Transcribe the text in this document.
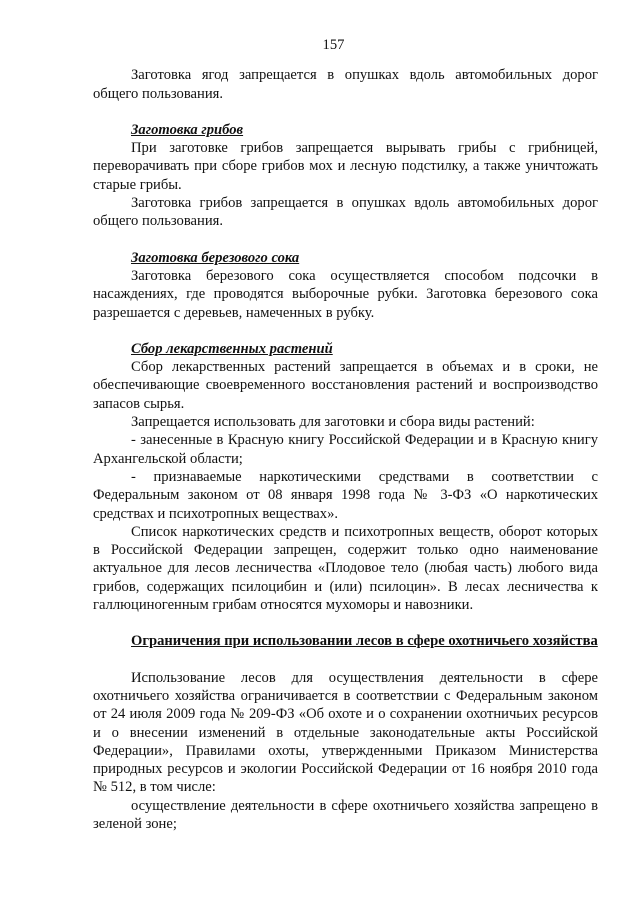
157

Заготовка ягод запрещается в опушках вдоль автомобильных дорог общего пользования.

Заготовка грибов

При заготовке грибов запрещается вырывать грибы с грибницей, переворачивать при сборе грибов мох и лесную подстилку, а также уничтожать старые грибы.

Заготовка грибов запрещается в опушках вдоль автомобильных дорог общего пользования.

Заготовка березового сока

Заготовка березового сока осуществляется способом подсочки в насаждениях, где проводятся выборочные рубки. Заготовка березового сока разрешается с деревьев, намеченных в рубку.

Сбор лекарственных растений

Сбор лекарственных растений запрещается в объемах и в сроки, не обеспечивающие своевременного восстановления растений и воспроизводство запасов сырья.

Запрещается использовать для заготовки и сбора виды растений:

- занесенные в Красную книгу Российской Федерации и в Красную книгу Архангельской области;

- признаваемые наркотическими средствами в соответствии с Федеральным законом от 08 января 1998 года № 3-ФЗ «О наркотических средствах и психотропных веществах».

Список наркотических средств и психотропных веществ, оборот которых в Российской Федерации запрещен, содержит только одно наименование актуальное для лесов лесничества «Плодовое тело (любая часть) любого вида грибов, содержащих псилоцибин и (или) псилоцин». В лесах лесничества к галлюциногенным грибам относятся мухоморы и навозники.

Ограничения при использовании лесов в сфере охотничьего хозяйства

Использование лесов для осуществления деятельности в сфере охотничьего хозяйства ограничивается в соответствии с Федеральным законом от 24 июля 2009 года № 209-ФЗ «Об охоте и о сохранении охотничьих ресурсов и о внесении изменений в отдельные законодательные акты Российской Федерации», Правилами охоты, утвержденными Приказом Министерства природных ресурсов и экологии Российской Федерации от 16 ноября 2010 года № 512, в том числе:

осуществление деятельности в сфере охотничьего хозяйства запрещено в зеленой зоне;
